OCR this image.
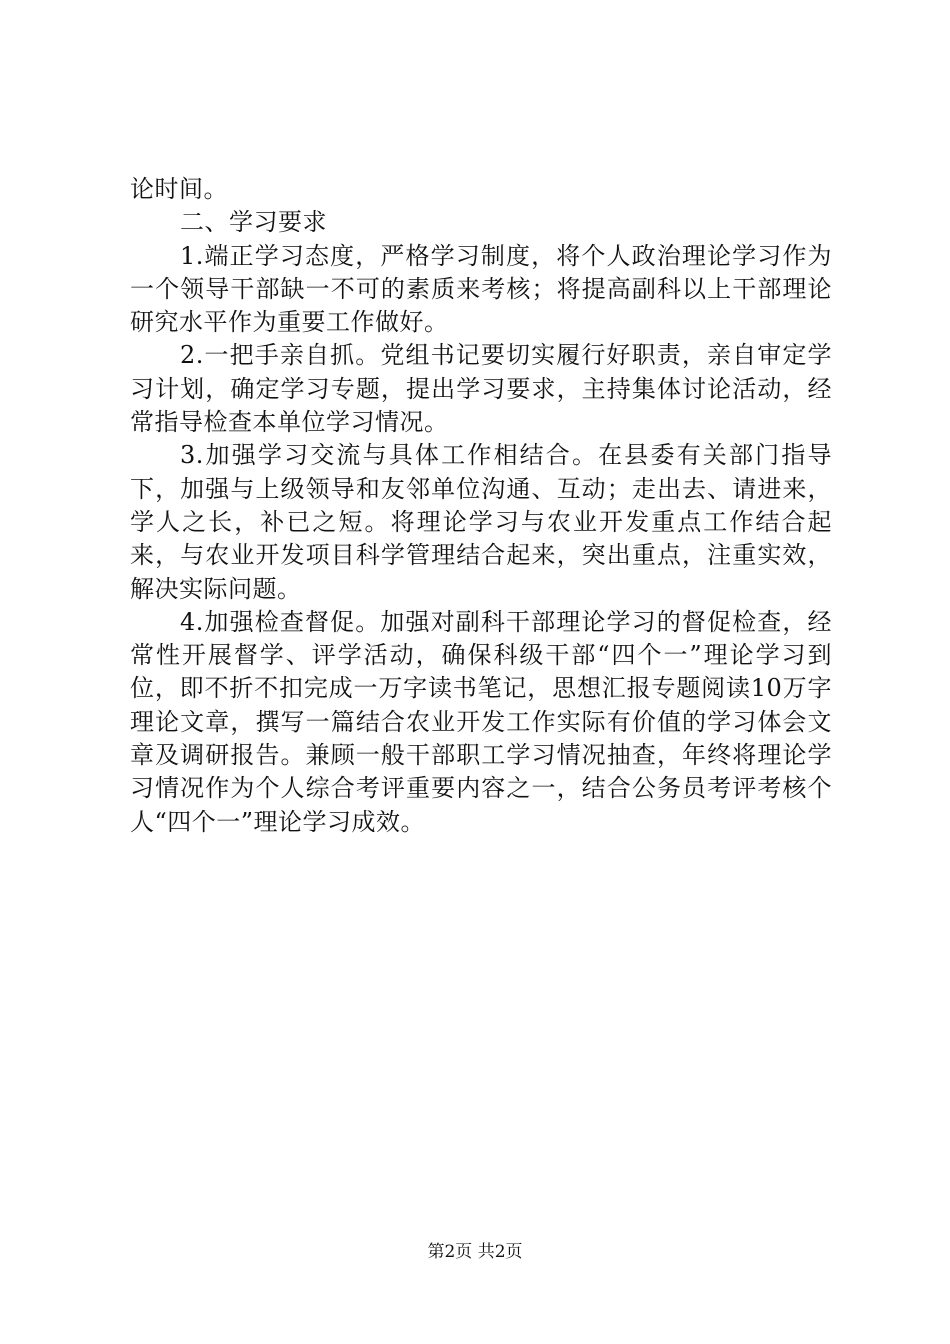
论时间。

二、学习要求

1.端正学习态度，严格学习制度，将个人政治理论学习作为一个领导干部缺一不可的素质来考核；将提高副科以上干部理论研究水平作为重要工作做好。

2.一把手亲自抓。党组书记要切实履行好职责，亲自审定学习计划，确定学习专题，提出学习要求，主持集体讨论活动，经常指导检查本单位学习情况。

3.加强学习交流与具体工作相结合。在县委有关部门指导下，加强与上级领导和友邻单位沟通、互动；走出去、请进来，学人之长，补已之短。将理论学习与农业开发重点工作结合起来，与农业开发项目科学管理结合起来，突出重点，注重实效，解决实际问题。

4.加强检查督促。加强对副科干部理论学习的督促检查，经常性开展督学、评学活动，确保科级干部“四个一”理论学习到位，即不折不扣完成一万字读书笔记，思想汇报专题阅读10万字理论文章，撰写一篇结合农业开发工作实际有价值的学习体会文章及调研报告。兼顾一般干部职工学习情况抽查，年终将理论学习情况作为个人综合考评重要内容之一，结合公务员考评考核个人“四个一”理论学习成效。

第2页 共2页
